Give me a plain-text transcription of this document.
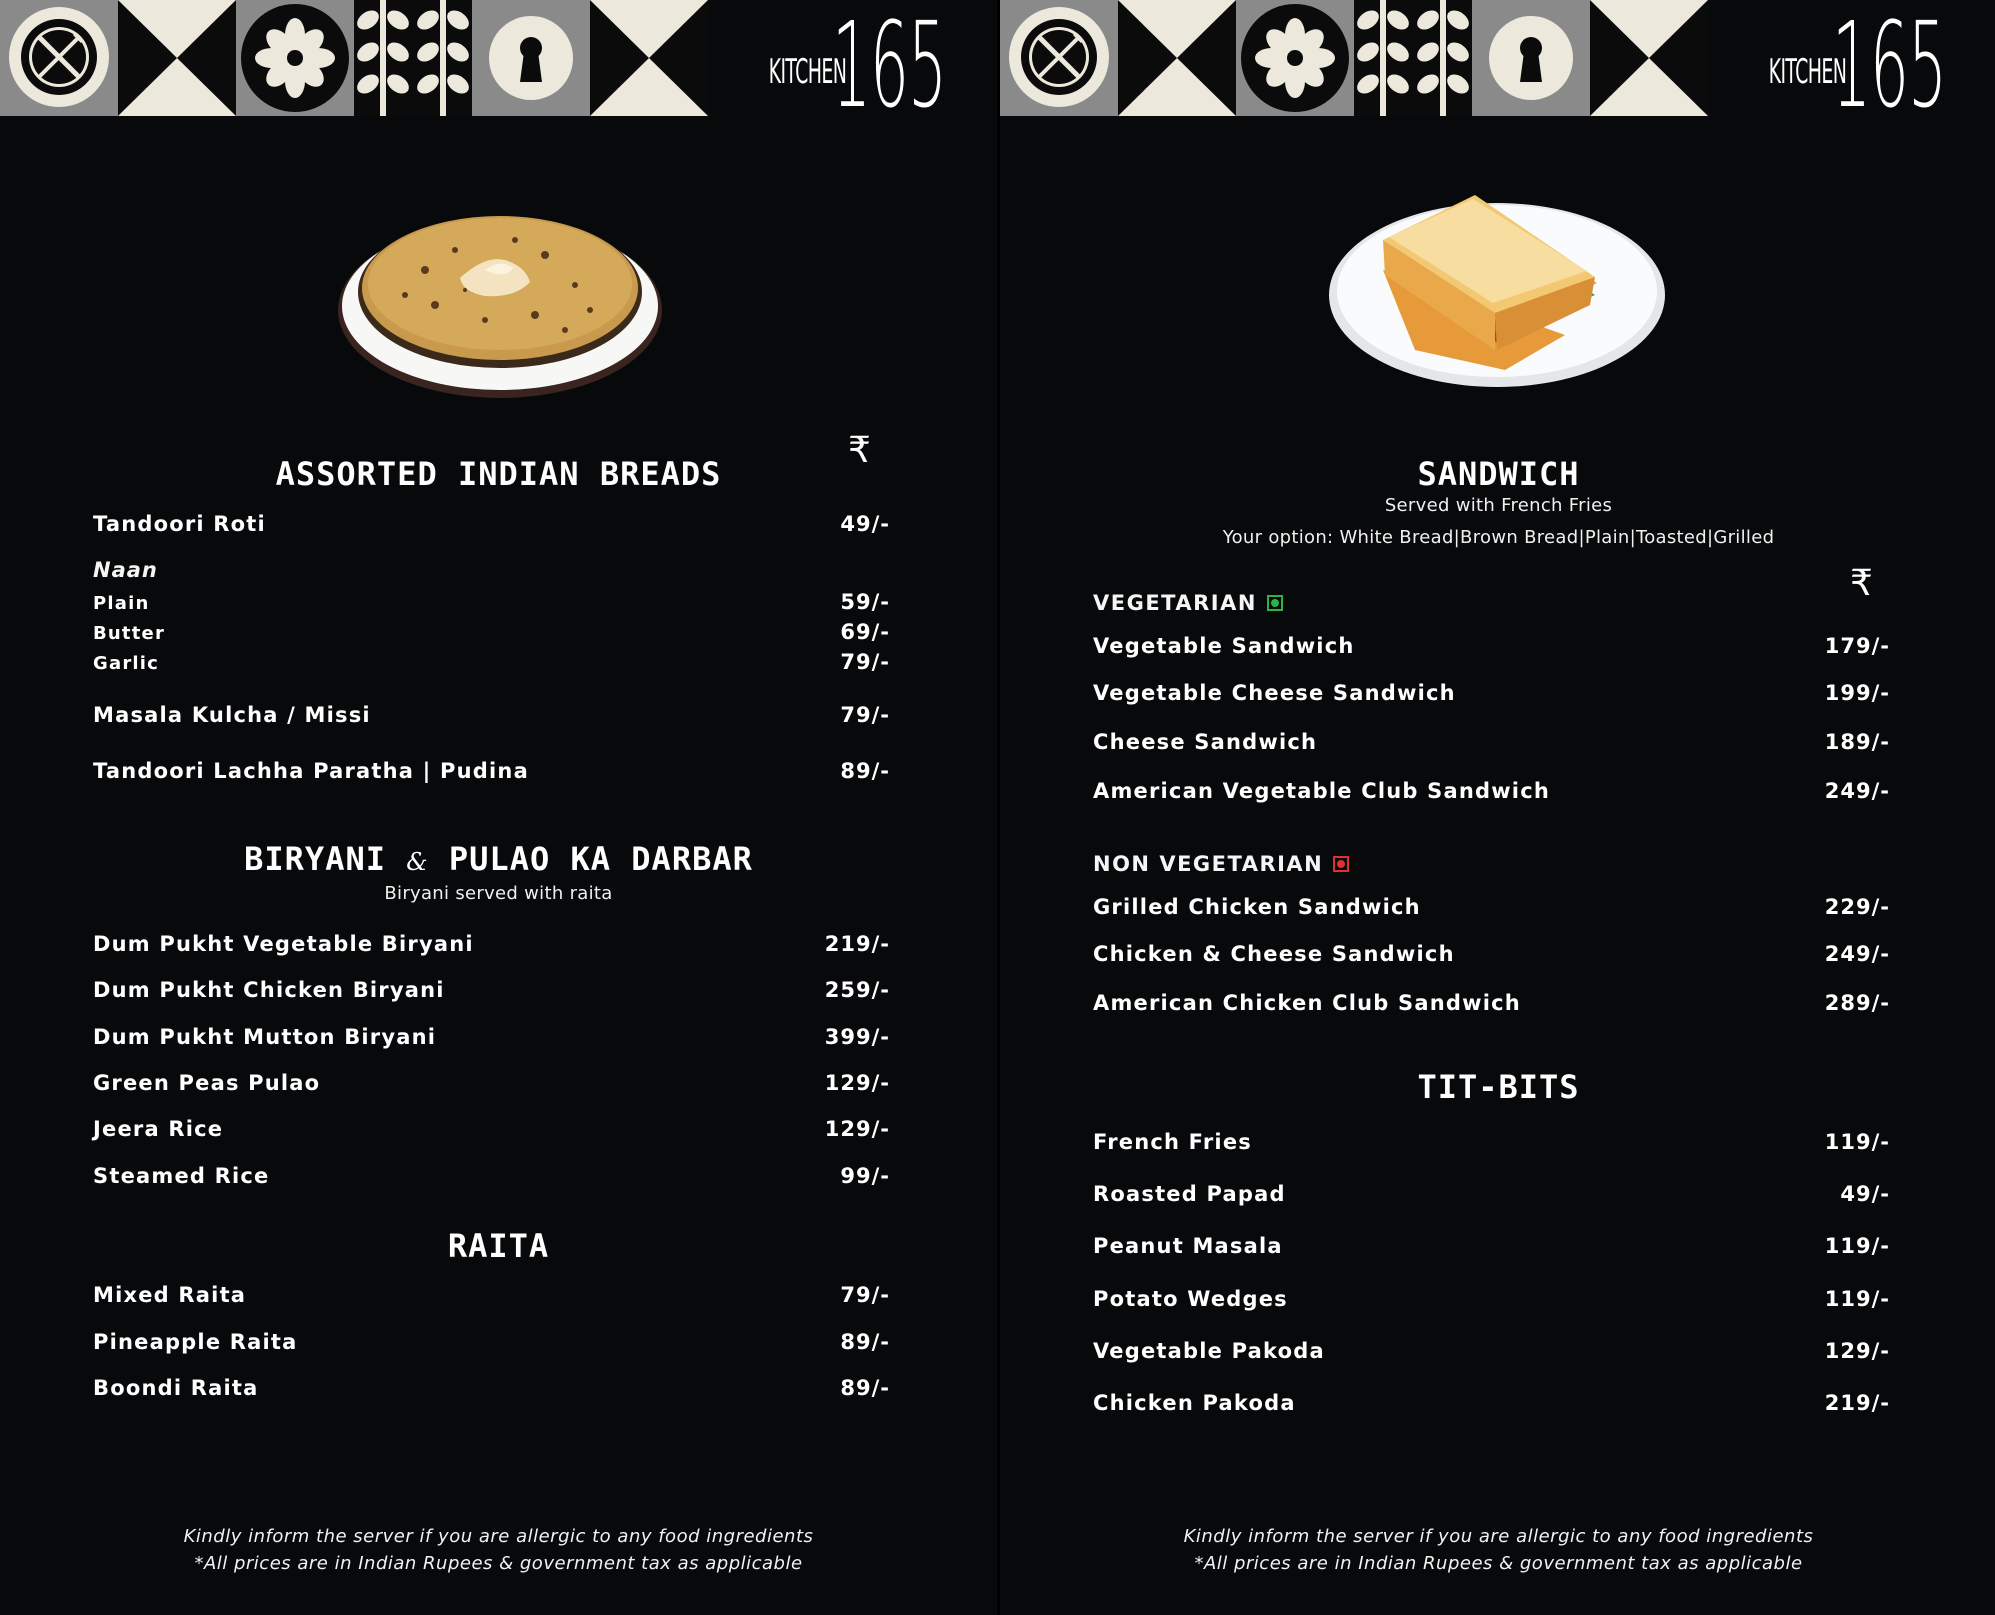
KITCHEN
165
₹
ASSORTED INDIAN BREADS
Tandoori Roti	49/-
Naan
Plain	59/-
Butter	69/-
Garlic	79/-
Masala Kulcha / Missi	79/-
Tandoori Lachha Paratha | Pudina	89/-
BIRYANI & PULAO KA DARBAR
Biryani served with raita
Dum Pukht Vegetable Biryani	219/-
Dum Pukht Chicken Biryani	259/-
Dum Pukht Mutton Biryani	399/-
Green Peas Pulao	129/-
Jeera Rice	129/-
Steamed Rice	99/-
RAITA
Mixed Raita	79/-
Pineapple Raita	89/-
Boondi Raita	89/-
Kindly inform the server if you are allergic to any food ingredients
*All prices are in Indian Rupees & government tax as applicable
KITCHEN
165
SANDWICH
Served with French Fries
Your option: White Bread|Brown Bread|Plain|Toasted|Grilled
₹
VEGETARIAN
Vegetable Sandwich	179/-
Vegetable Cheese Sandwich	199/-
Cheese Sandwich	189/-
American Vegetable Club Sandwich	249/-
NON VEGETARIAN
Grilled Chicken Sandwich	229/-
Chicken & Cheese Sandwich	249/-
American Chicken Club Sandwich	289/-
TIT-BITS
French Fries	119/-
Roasted Papad	49/-
Peanut Masala	119/-
Potato Wedges	119/-
Vegetable Pakoda	129/-
Chicken Pakoda	219/-
Kindly inform the server if you are allergic to any food ingredients
*All prices are in Indian Rupees & government tax as applicable
